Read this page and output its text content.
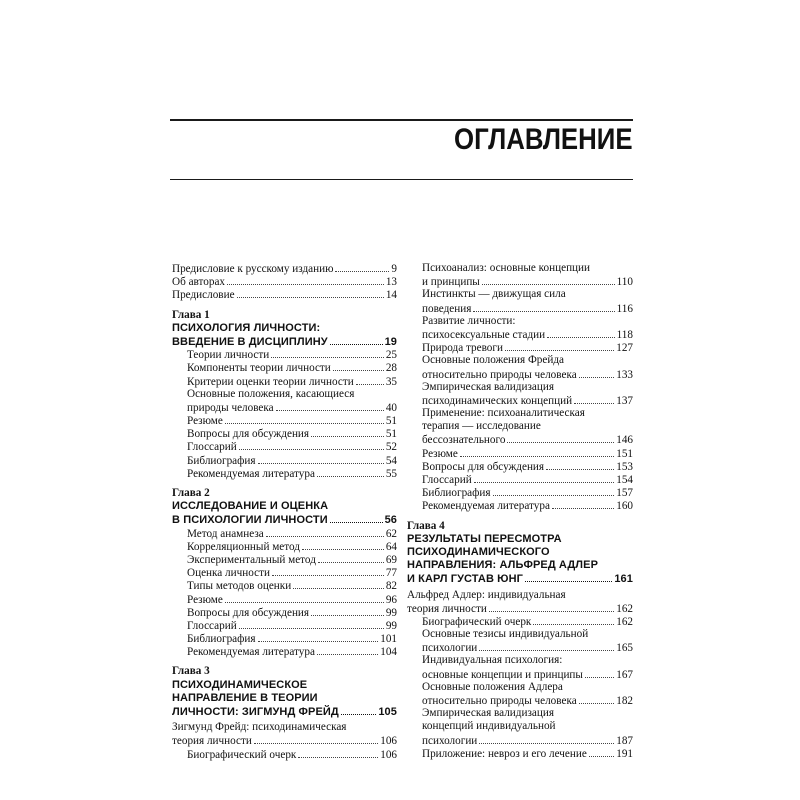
ОГЛАВЛЕНИЕ
Предисловие к русскому изданию	9
Об авторах	13
Предисловие	14
Глава 1
ПСИХОЛОГИЯ ЛИЧНОСТИ:
ВВЕДЕНИЕ В ДИСЦИПЛИНУ	19
Теории личности	25
Компоненты теории личности	28
Критерии оценки теории личности	35
Основные положения, касающиеся
природы человека	40
Резюме	51
Вопросы для обсуждения	51
Глоссарий	52
Библиография	54
Рекомендуемая литература	55
Глава 2
ИССЛЕДОВАНИЕ И ОЦЕНКА
В ПСИХОЛОГИИ ЛИЧНОСТИ	56
Метод анамнеза	62
Корреляционный метод	64
Экспериментальный метод	69
Оценка личности	77
Типы методов оценки	82
Резюме	96
Вопросы для обсуждения	99
Глоссарий	99
Библиография	101
Рекомендуемая литература	104
Глава 3
ПСИХОДИНАМИЧЕСКОЕ
НАПРАВЛЕНИЕ В ТЕОРИИ
ЛИЧНОСТИ: ЗИГМУНД ФРЕЙД	105
Зигмунд Фрейд: психодинамическая
теория личности	106
Биографический очерк	106
Психоанализ: основные концепции
и принципы	110
Инстинкты — движущая сила
поведения	116
Развитие личности:
психосексуальные стадии	118
Природа тревоги	127
Основные положения Фрейда
относительно природы человека	133
Эмпирическая валидизация
психодинамических концепций	137
Применение: психоаналитическая
терапия — исследование
бессознательного	146
Резюме	151
Вопросы для обсуждения	153
Глоссарий	154
Библиография	157
Рекомендуемая литература	160
Глава 4
РЕЗУЛЬТАТЫ ПЕРЕСМОТРА
ПСИХОДИНАМИЧЕСКОГО
НАПРАВЛЕНИЯ: АЛЬФРЕД АДЛЕР
И КАРЛ ГУСТАВ ЮНГ	161
Альфред Адлер: индивидуальная
теория личности	162
Биографический очерк	162
Основные тезисы индивидуальной
психологии	165
Индивидуальная психология:
основные концепции и принципы	167
Основные положения Адлера
относительно природы человека	182
Эмпирическая валидизация
концепций индивидуальной
психологии	187
Приложение: невроз и его лечение	191
